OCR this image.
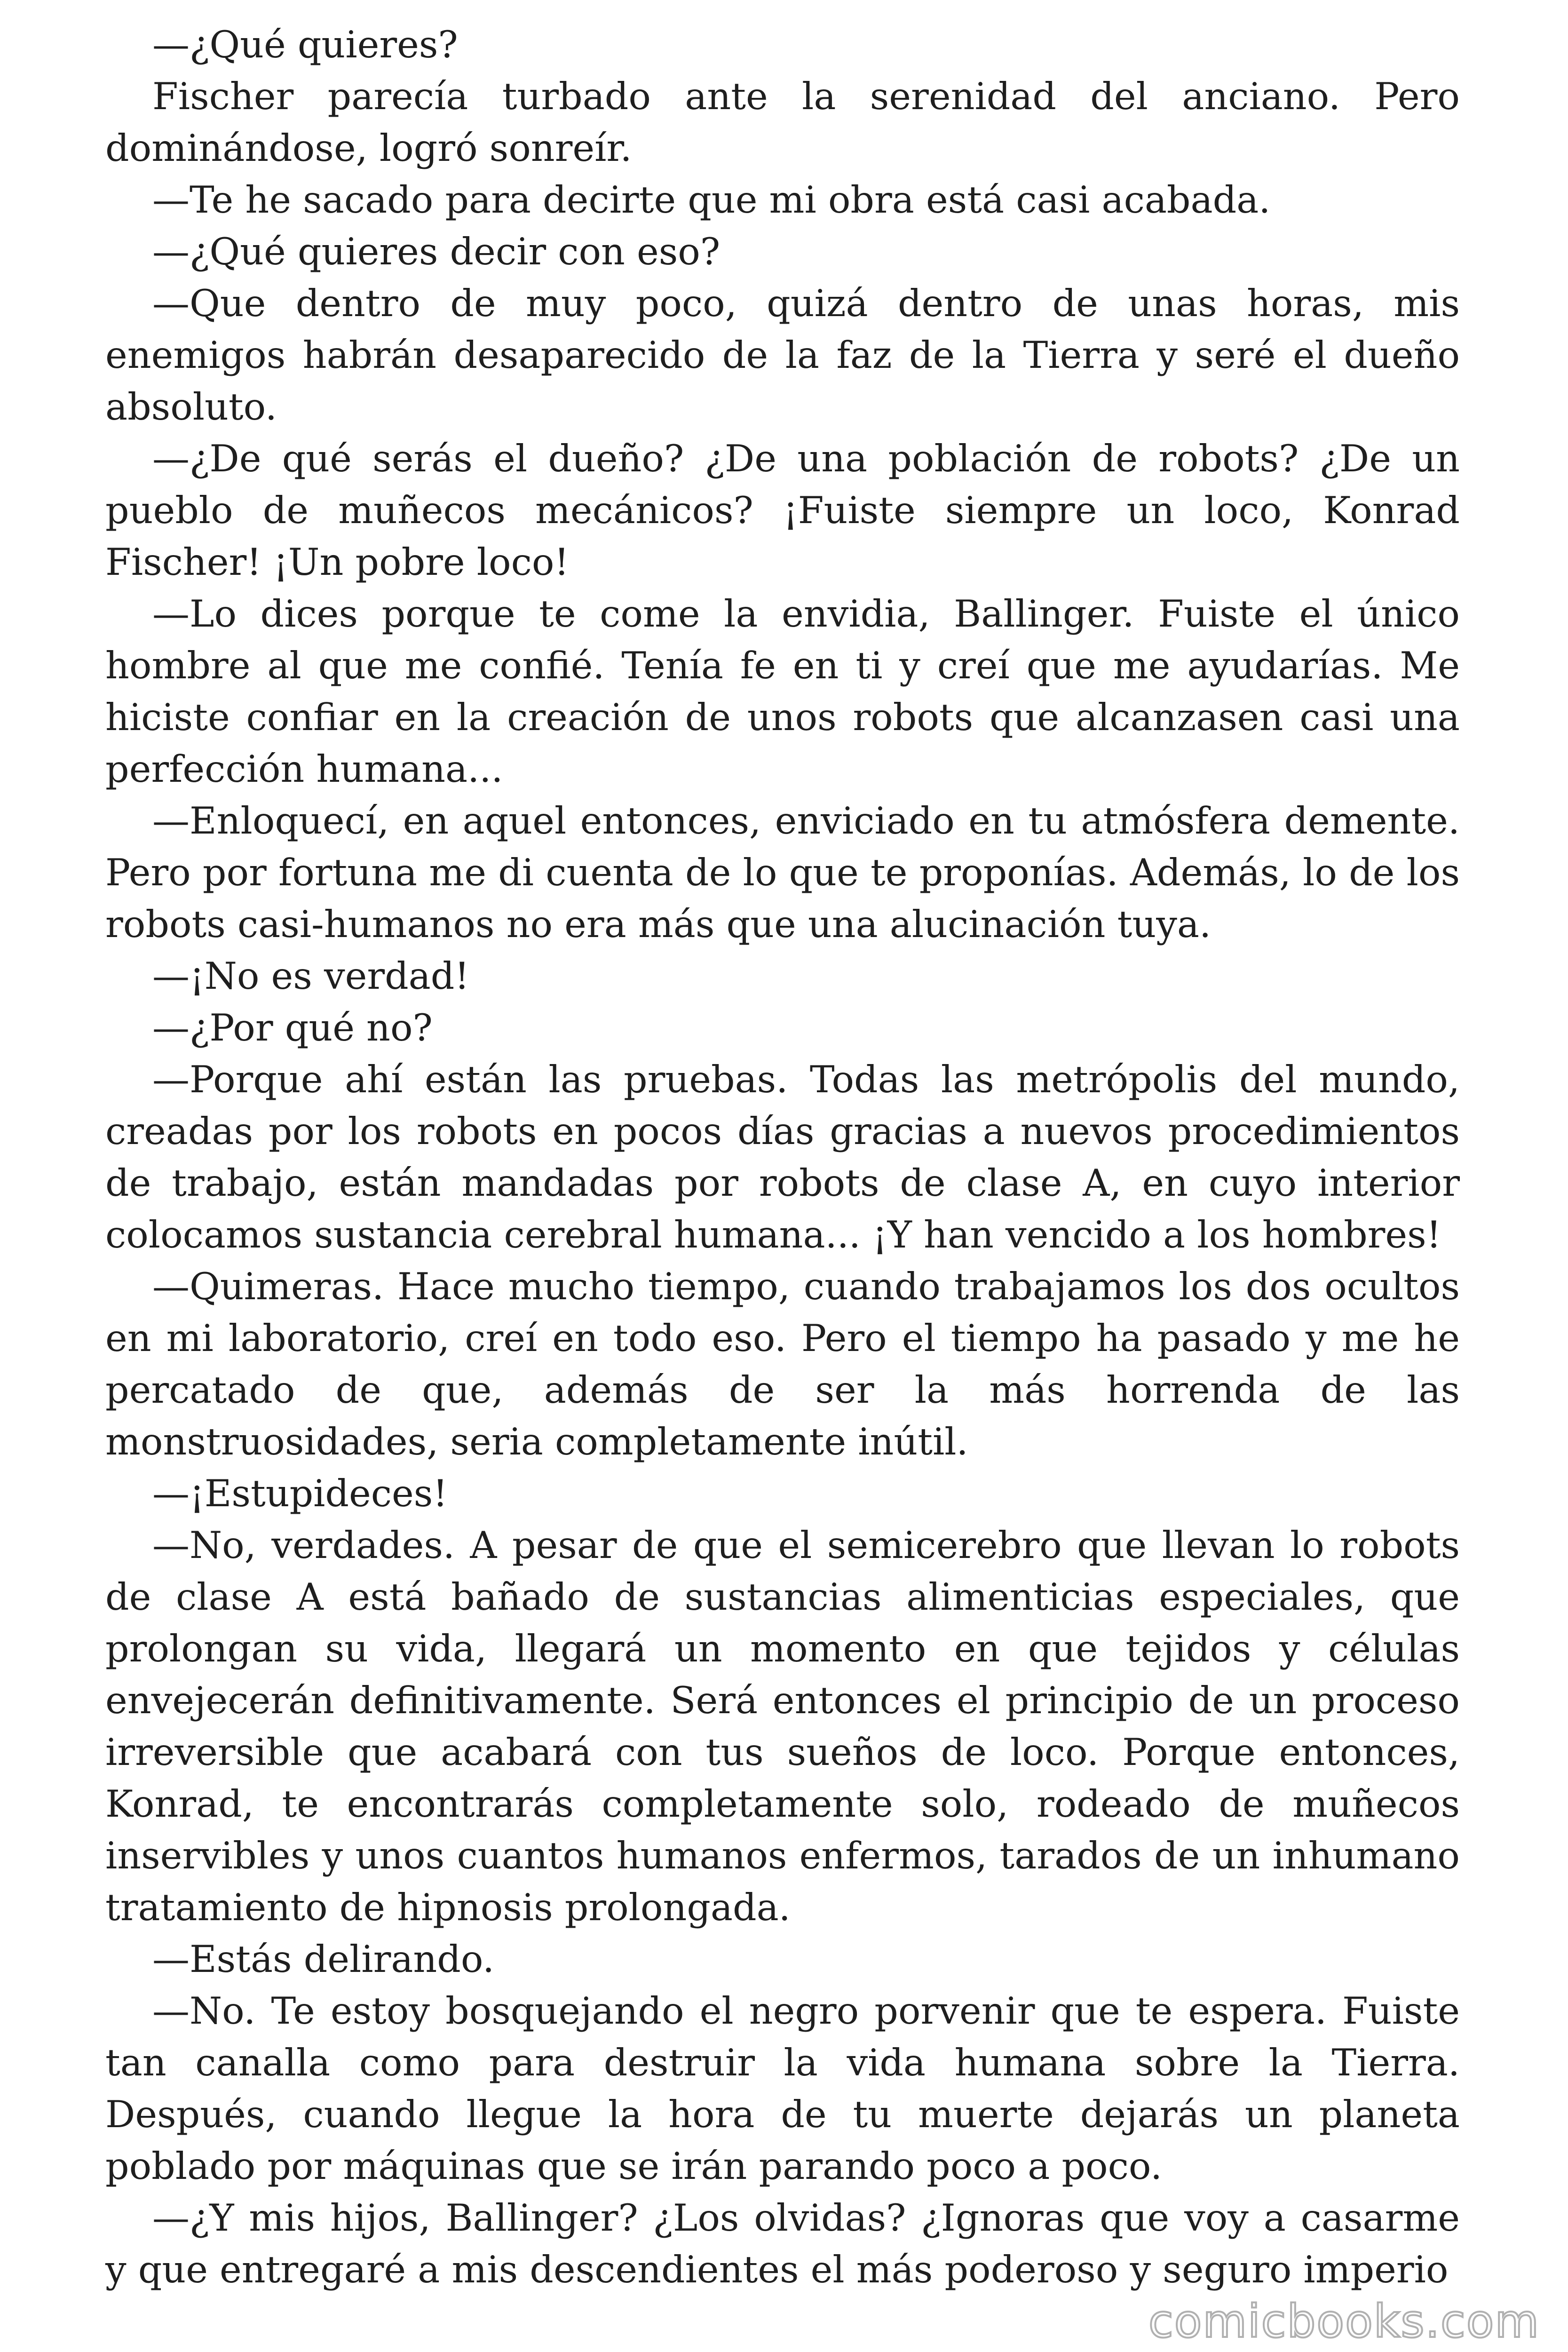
—¿Qué quieres?

Fischer parecía turbado ante la serenidad del anciano. Pero dominándose, logró sonreír.

—Te he sacado para decirte que mi obra está casi acabada.

—¿Qué quieres decir con eso?

—Que dentro de muy poco, quizá dentro de unas horas, mis enemigos habrán desaparecido de la faz de la Tierra y seré el dueño absoluto.

—¿De qué serás el dueño? ¿De una población de robots? ¿De un pueblo de muñecos mecánicos? ¡Fuiste siempre un loco, Konrad Fischer! ¡Un pobre loco!

—Lo dices porque te come la envidia, Ballinger. Fuiste el único hombre al que me confié. Tenía fe en ti y creí que me ayudarías. Me hiciste confiar en la creación de unos robots que alcanzasen casi una perfección humana...

—Enloquecí, en aquel entonces, enviciado en tu atmósfera demente. Pero por fortuna me di cuenta de lo que te proponías. Además, lo de los robots casi-humanos no era más que una alucinación tuya.

—¡No es verdad!

—¿Por qué no?

—Porque ahí están las pruebas. Todas las metrópolis del mundo, creadas por los robots en pocos días gracias a nuevos procedimientos de trabajo, están mandadas por robots de clase A, en cuyo interior colocamos sustancia cerebral humana... ¡Y han vencido a los hombres!

—Quimeras. Hace mucho tiempo, cuando trabajamos los dos ocultos en mi laboratorio, creí en todo eso. Pero el tiempo ha pasado y me he percatado de que, además de ser la más horrenda de las monstruosidades, seria completamente inútil.

—¡Estupideces!

—No, verdades. A pesar de que el semicerebro que llevan lo robots de clase A está bañado de sustancias alimenticias especiales, que prolongan su vida, llegará un momento en que tejidos y células envejecerán definitivamente. Será entonces el principio de un proceso irreversible que acabará con tus sueños de loco. Porque entonces, Konrad, te encontrarás completamente solo, rodeado de muñecos inservibles y unos cuantos humanos enfermos, tarados de un inhumano tratamiento de hipnosis prolongada.

—Estás delirando.

—No. Te estoy bosquejando el negro porvenir que te espera. Fuiste tan canalla como para destruir la vida humana sobre la Tierra. Después, cuando llegue la hora de tu muerte dejarás un planeta poblado por máquinas que se irán parando poco a poco.

—¿Y mis hijos, Ballinger? ¿Los olvidas? ¿Ignoras que voy a casarme y que entregaré a mis descendientes el más poderoso y seguro imperio

comicbooks.com
